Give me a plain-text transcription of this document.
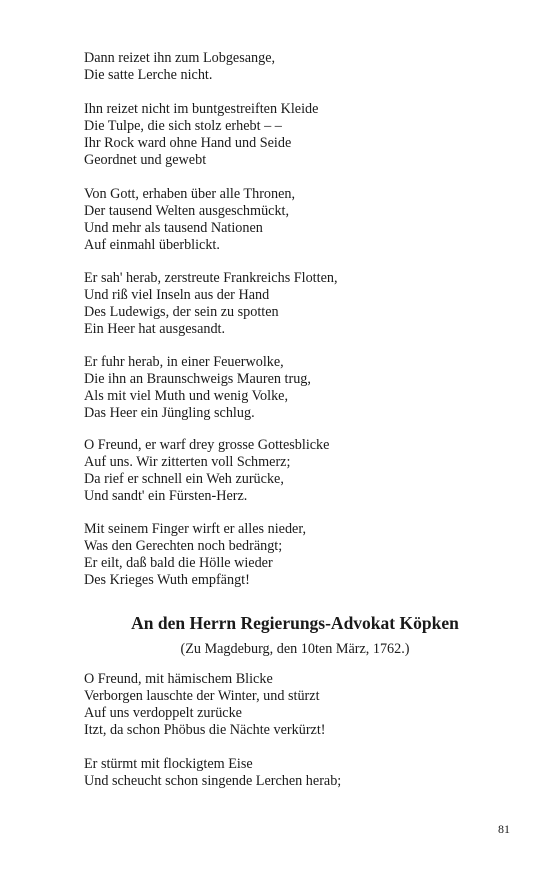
Dann reizet ihn zum Lobgesange,
Die satte Lerche nicht.
Ihn reizet nicht im buntgestreiften Kleide
Die Tulpe, die sich stolz erhebt – –
Ihr Rock ward ohne Hand und Seide
Geordnet und gewebt
Von Gott, erhaben über alle Thronen,
Der tausend Welten ausgeschmückt,
Und mehr als tausend Nationen
Auf einmahl überblickt.
Er sah' herab, zerstreute Frankreichs Flotten,
Und riß viel Inseln aus der Hand
Des Ludewigs, der sein zu spotten
Ein Heer hat ausgesandt.
Er fuhr herab, in einer Feuerwolke,
Die ihn an Braunschweigs Mauren trug,
Als mit viel Muth und wenig Volke,
Das Heer ein Jüngling schlug.
O Freund, er warf drey grosse Gottesblicke
Auf uns. Wir zitterten voll Schmerz;
Da rief er schnell ein Weh zurücke,
Und sandt' ein Fürsten-Herz.
Mit seinem Finger wirft er alles nieder,
Was den Gerechten noch bedrängt;
Er eilt, daß bald die Hölle wieder
Des Krieges Wuth empfängt!
An den Herrn Regierungs-Advokat Köpken
(Zu Magdeburg, den 10ten März, 1762.)
O Freund, mit hämischem Blicke
Verborgen lauschte der Winter, und stürzt
Auf uns verdoppelt zurücke
Itzt, da schon Phöbus die Nächte verkürzt!
Er stürmt mit flockigtem Eise
Und scheucht schon singende Lerchen herab;
81
